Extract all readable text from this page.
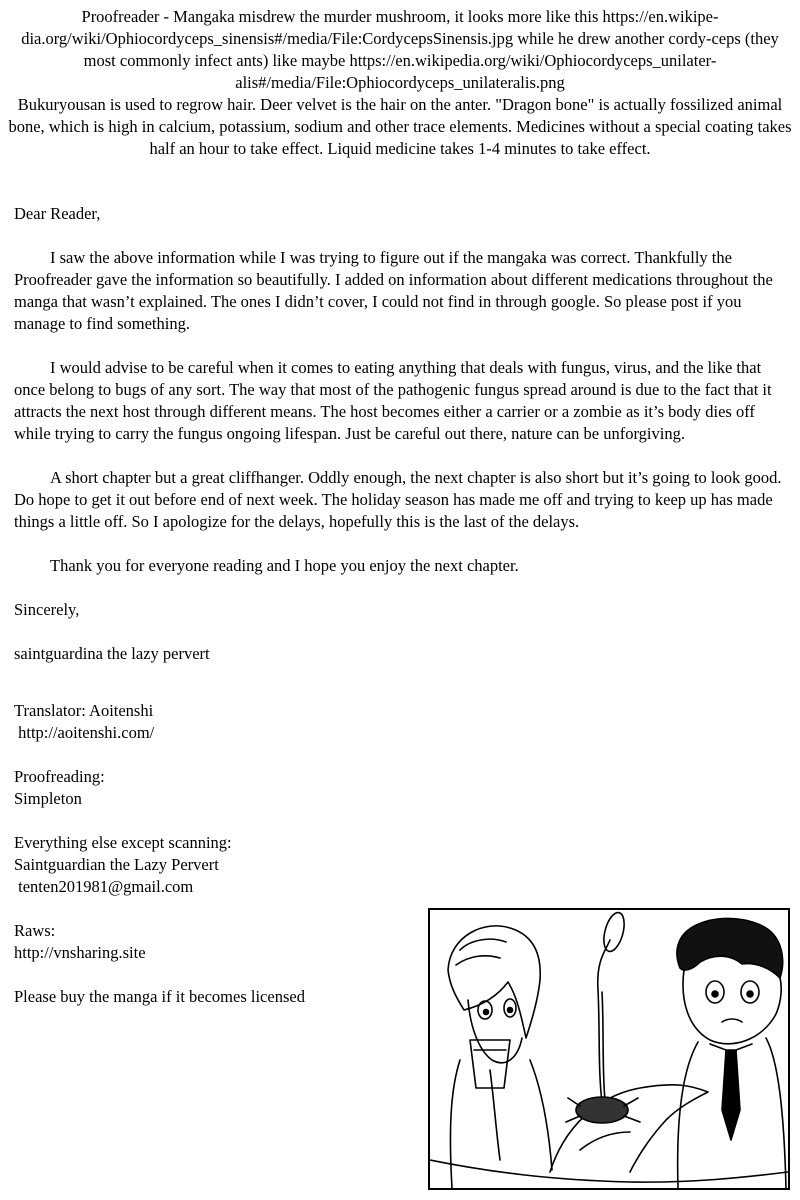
Proofreader - Mangaka misdrew the murder mushroom, it looks more like this https://en.wikipe-dia.org/wiki/Ophiocordyceps_sinensis#/media/File:CordycepsSinensis.jpg while he drew another cordy-ceps (they most commonly infect ants) like maybe https://en.wikipedia.org/wiki/Ophiocordyceps_unilater-alis#/media/File:Ophiocordyceps_unilateralis.png

Bukuryousan is used to regrow hair. Deer velvet is the hair on the anter. "Dragon bone" is actually fossilized animal bone, which is high in calcium, potassium, sodium and other trace elements. Medicines without a special coating takes half an hour to take effect. Liquid medicine takes 1-4 minutes to take effect.

Dear Reader,

I saw the above information while I was trying to figure out if the mangaka was correct. Thankfully the Proofreader gave the information so beautifully. I added on information about different medications throughout the manga that wasn’t explained. The ones I didn’t cover, I could not find in through google. So please post if you manage to find something.

I would advise to be careful when it comes to eating anything that deals with fungus, virus, and the like that once belong to bugs of any sort. The way that most of the pathogenic fungus spread around is due to the fact that it attracts the next host through different means. The host becomes either a carrier or a zombie as it’s body dies off while trying to carry the fungus ongoing lifespan. Just be careful out there, nature can be unforgiving.

A short chapter but a great cliffhanger. Oddly enough, the next chapter is also short but it’s going to look good. Do hope to get it out before end of next week. The holiday season has made me off and trying to keep up has made things a little off. So I apologize for the delays, hopefully this is the last of the delays.

Thank you for everyone reading and I hope you enjoy the next chapter.

Sincerely,

saintguardina the lazy pervert

Translator: Aoitenshi
http://aoitenshi.com/
Proofreading:
Simpleton
Everything else except scanning:
Saintguardian the Lazy Pervert
tenten201981@gmail.com
Raws:
http://vnsharing.site
Please buy the manga if it becomes licensed
